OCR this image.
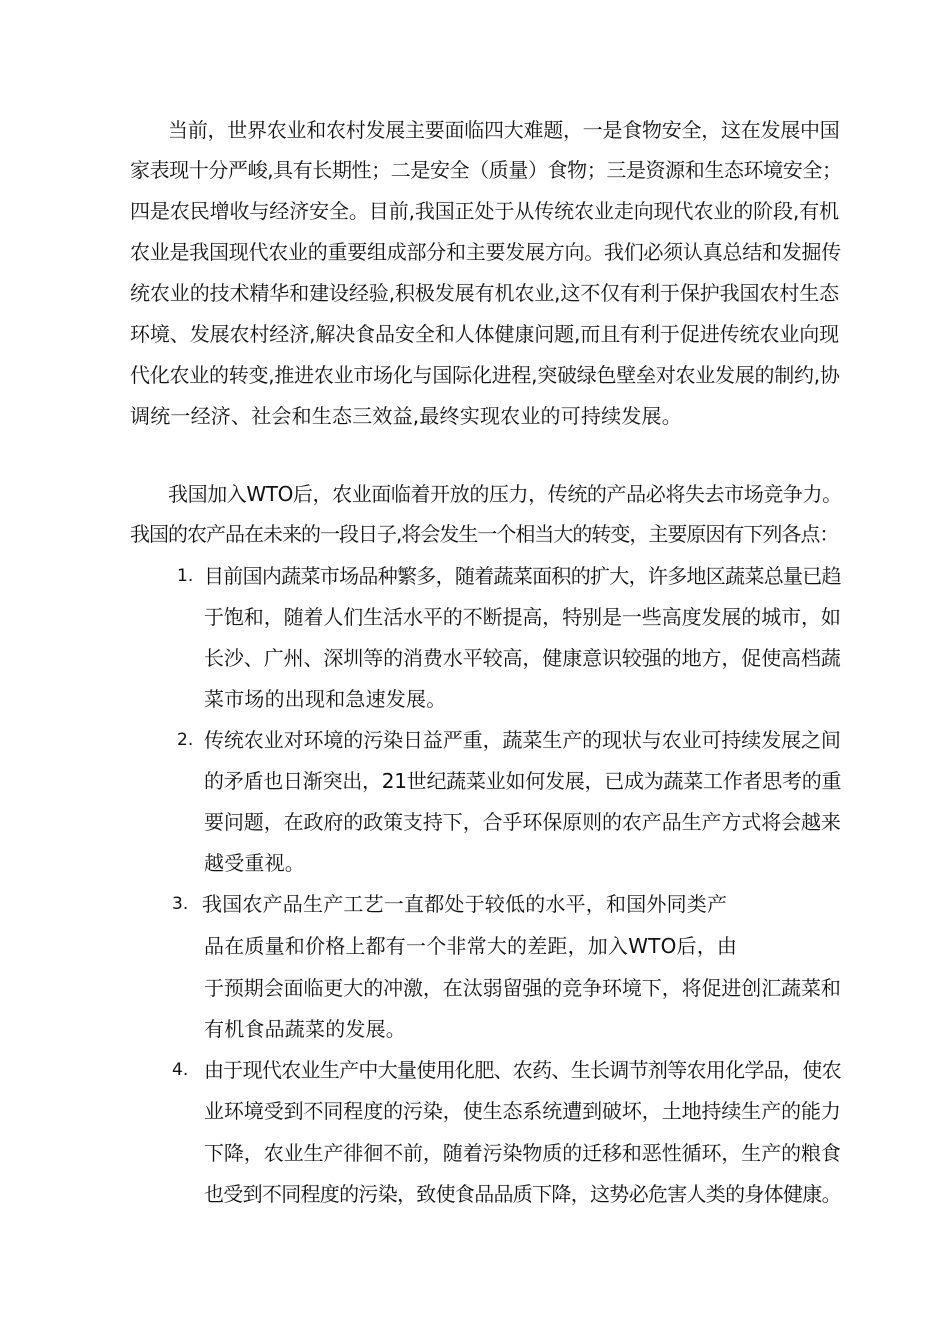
当前，世界农业和农村发展主要面临四大难题，一是食物安全，这在发展中国
家表现十分严峻,具有长期性；二是安全（质量）食物；三是资源和生态环境安全；
四是农民增收与经济安全。目前,我国正处于从传统农业走向现代农业的阶段,有机
农业是我国现代农业的重要组成部分和主要发展方向。我们必须认真总结和发掘传
统农业的技术精华和建设经验,积极发展有机农业,这不仅有利于保护我国农村生态
环境、发展农村经济,解决食品安全和人体健康问题,而且有利于促进传统农业向现
代化农业的转变,推进农业市场化与国际化进程,突破绿色壁垒对农业发展的制约,协
调统一经济、社会和生态三效益,最终实现农业的可持续发展。
我国加入WTO后，农业面临着开放的压力，传统的产品必将失去市场竞争力。
我国的农产品在未来的一段日子,将会发生一个相当大的转变，主要原因有下列各点：
1. 目前国内蔬菜市场品种繁多，随着蔬菜面积的扩大，许多地区蔬菜总量已趋
于饱和，随着人们生活水平的不断提高，特别是一些高度发展的城市，如
长沙、广州、深圳等的消费水平较高，健康意识较强的地方，促使高档蔬
菜市场的出现和急速发展。
2. 传统农业对环境的污染日益严重，蔬菜生产的现状与农业可持续发展之间
的矛盾也日渐突出，21世纪蔬菜业如何发展，已成为蔬菜工作者思考的重
要问题，在政府的政策支持下，合乎环保原则的农产品生产方式将会越来
越受重视。
3. 我国农产品生产工艺一直都处于较低的水平，和国外同类产
品在质量和价格上都有一个非常大的差距，加入WTO后，由
于预期会面临更大的冲激，在汰弱留强的竞争环境下，将促进创汇蔬菜和
有机食品蔬菜的发展。
4. 由于现代农业生产中大量使用化肥、农药、生长调节剂等农用化学品，使农
业环境受到不同程度的污染，使生态系统遭到破坏，土地持续生产的能力
下降，农业生产徘徊不前，随着污染物质的迁移和恶性循环，生产的粮食
也受到不同程度的污染，致使食品品质下降，这势必危害人类的身体健康。
